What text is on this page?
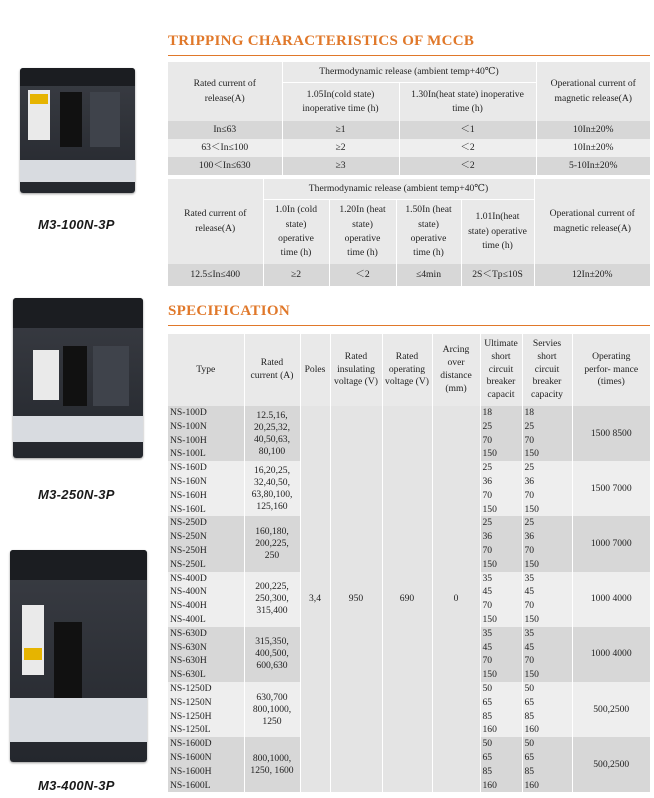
M3-100N-3P
M3-250N-3P
M3-400N-3P
TRIPPING CHARACTERISTICS OF MCCB
Rated current of release(A)	Thermodynamic release (ambient temp+40℃)		Operational current of magnetic release(A)
	1.05In(cold state) inoperative time (h)	1.30In(heat state) inoperative time (h)	
In≤63	≥1	＜1	10In±20%
63＜In≤100	≥2	＜2	10In±20%
100＜In≤630	≥3	＜2	5-10In±20%
Rated current of release(A)	Thermodynamic release (ambient temp+40℃)				Operational current of magnetic release(A)
	1.0In (cold state) operative time (h)	1.20In (heat state) operative time (h)	1.50In (heat state) operative time (h)	1.01In(heat state) operative time (h)	
12.5≤In≤400	≥2	＜2	≤4min	2S＜Tp≤10S	12In±20%
SPECIFICATION
Type	Rated current (A)	Poles	Rated insulating voltage (V)	Rated operating voltage (V)	Arcing over distance (mm)	Ultimate short circuit breaker capacit	Servies short circuit breaker capacity	Operating perfor- mance (times)
NS-100D	12.5,16, 20,25,32, 40,50,63, 80,100	3,4	950	690	0	18	18	1500 8500
NS-100N						25	25	
NS-100H						70	70	
NS-100L						150	150	
NS-160D	16,20,25, 32,40,50, 63,80,100, 125,160					25	25	1500 7000
NS-160N						36	36	
NS-160H						70	70	
NS-160L						150	150	
NS-250D	160,180, 200,225, 250					25	25	1000 7000
NS-250N						36	36	
NS-250H						70	70	
NS-250L						150	150	
NS-400D	200,225, 250,300, 315,400					35	35	1000 4000
NS-400N						45	45	
NS-400H						70	70	
NS-400L						150	150	
NS-630D	315,350, 400,500, 600,630					35	35	1000 4000
NS-630N						45	45	
NS-630H						70	70	
NS-630L						150	150	
NS-1250D	630,700 800,1000, 1250					50	50	500,2500
NS-1250N						65	65	
NS-1250H						85	85	
NS-1250L						160	160	
NS-1600D	800,1000, 1250, 1600					50	50	500,2500
NS-1600N						65	65	
NS-1600H						85	85	
NS-1600L						160	160	
